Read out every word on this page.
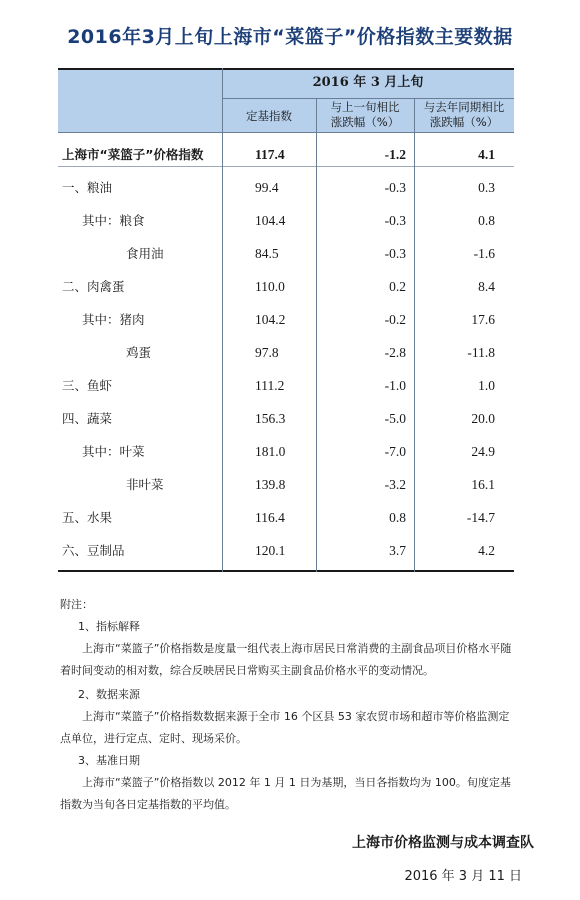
2016年3月上旬上海市“菜篮子”价格指数主要数据
2016 年 3 月上旬
定基指数
与上一旬相比
涨跌幅（%）
与去年同期相比
涨跌幅（%）
上海市“菜篮子”价格指数	117.4	-1.2	4.1
一、粮油	99.4	-0.3	0.3
其中：粮食	104.4	-0.3	0.8
食用油	84.5	-0.3	-1.6
二、肉禽蛋	110.0	0.2	8.4
其中：猪肉	104.2	-0.2	17.6
鸡蛋	97.8	-2.8	-11.8
三、鱼虾	111.2	-1.0	1.0
四、蔬菜	156.3	-5.0	20.0
其中：叶菜	181.0	-7.0	24.9
非叶菜	139.8	-3.2	16.1
五、水果	116.4	0.8	-14.7
六、豆制品	120.1	3.7	4.2
附注：
1、指标解释
上海市“菜篮子”价格指数是度量一组代表上海市居民日常消费的主副食品项目价格水平随着时间变动的相对数，综合反映居民日常购买主副食品价格水平的变动情况。
2、数据来源
上海市“菜篮子”价格指数数据来源于全市 16 个区县 53 家农贸市场和超市等价格监测定点单位，进行定点、定时、现场采价。
3、基准日期
上海市“菜篮子”价格指数以 2012 年 1 月 1 日为基期，当日各指数均为 100。旬度定基指数为当旬各日定基指数的平均值。
上海市价格监测与成本调查队
2016 年 3 月 11 日
